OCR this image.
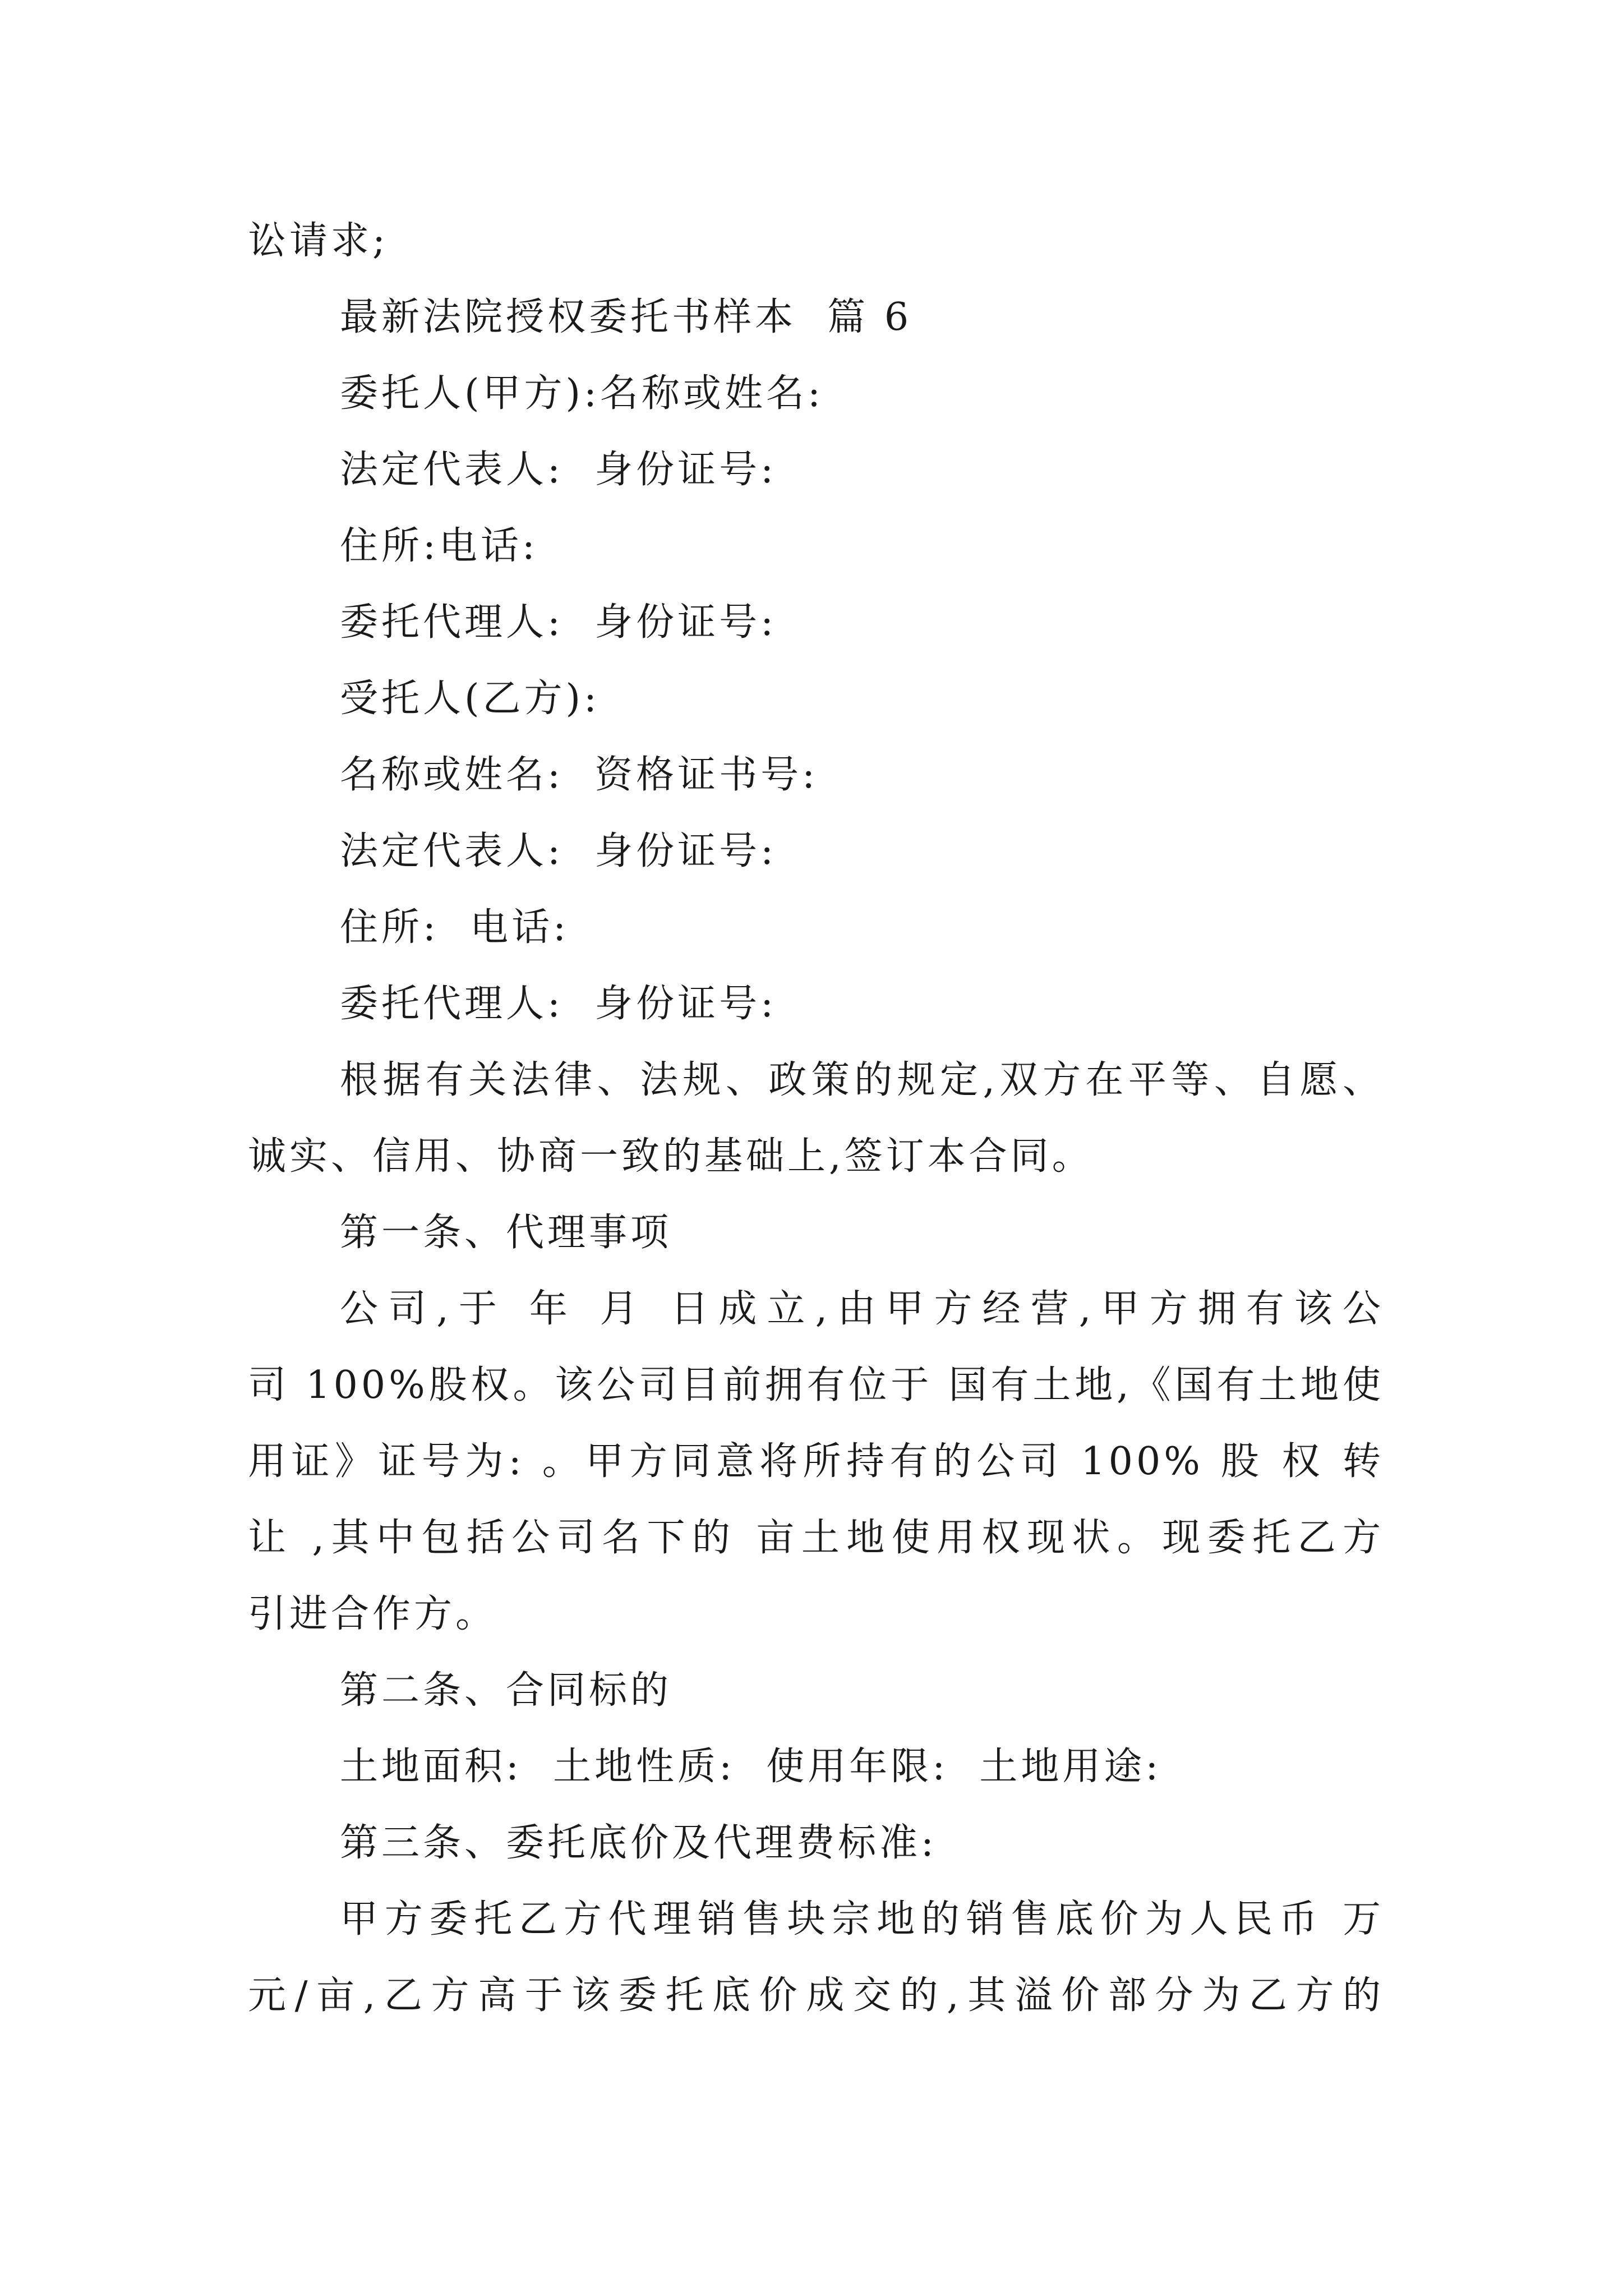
讼请求;
最新法院授权委托书样本  篇 6
委托人(甲方):名称或姓名:
法定代表人:  身份证号:
住所:电话:
委托代理人:  身份证号:
受托人(乙方):
名称或姓名:  资格证书号:
法定代表人:  身份证号:
住所:  电话:
委托代理人:  身份证号:
根据有关法律、法规、政策的规定,双方在平等、自愿、
诚实、信用、协商一致的基础上,签订本合同。
第一条、代理事项
公司,于 年 月 日成立,由甲方经营,甲方拥有该公
司 100%股权。该公司目前拥有位于 国有土地,《国有土地使
用证》证号为: 。甲方同意将所持有的公司 100% 股 权 转
让 ,其中包括公司名下的 亩土地使用权现状。现委托乙方
引进合作方。
第二条、合同标的
土地面积:  土地性质:  使用年限:  土地用途:
第三条、委托底价及代理费标准:
甲方委托乙方代理销售块宗地的销售底价为人民币 万
元/亩,乙方高于该委托底价成交的,其溢价部分为乙方的
